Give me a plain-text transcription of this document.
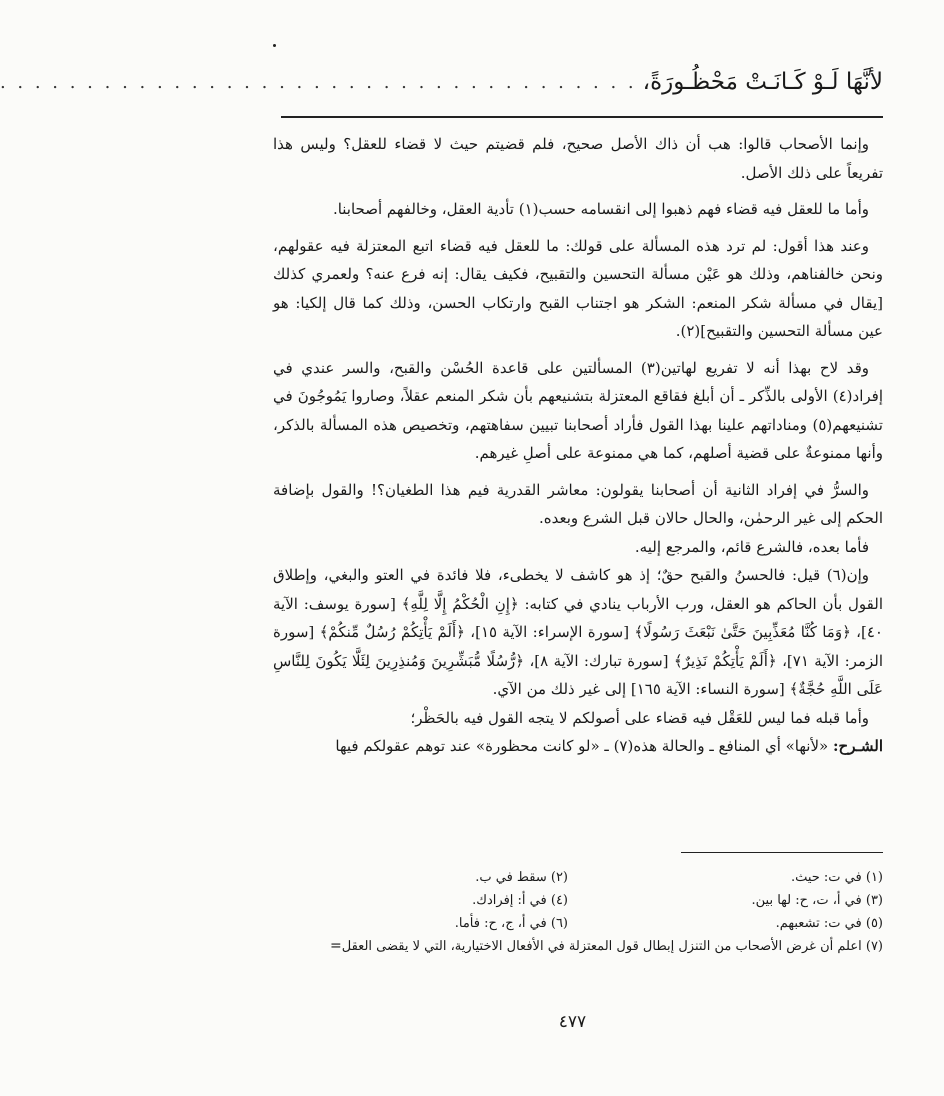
لأنَّهَا لَـوْ كَـانَـتْ مَحْظُـورَةً،
. . . . . . . . . . . . . . . . . . . . . . . . . . . . . . . . . . . . .

وإنما الأصحاب قالوا: هب أن ذاك الأصل صحيح، فلم قضيتم حيث لا قضاء للعقل؟ وليس هذا تفريعاً على ذلك الأصل.

وأما ما للعقل فيه قضاء فهم ذهبوا إلى انقسامه حسب(١) تأدية العقل، وخالفهم أصحابنا.

وعند هذا أقول: لم ترد هذه المسألة على قولك: ما للعقل فيه قضاء اتبع المعتزلة فيه عقولهم، ونحن خالفناهم، وذلك هو عَيْن مسألة التحسين والتقبيح، فكيف يقال: إنه فرع عنه؟ ولعمري كذلك [يقال في مسألة شكر المنعم: الشكر هو اجتناب القبح وارتكاب الحسن، وذلك كما قال إلكيا: هو عين مسألة التحسين والتقبيح](٢).

وقد لاح بهذا أنه لا تفريع لهاتين(٣) المسألتين على قاعدة الحُسْن والقبح، والسر عندي في إفراد(٤) الأولى بالذِّكر ـ أن أبلغ فقاقع المعتزلة بتشنيعهم بأن شكر المنعم عقلاً، وصاروا يَمُوجُونَ في تشنيعهم(٥) ومناداتهم علينا بهذا القول فأراد أصحابنا تبيين سفاهتهم، وتخصيص هذه المسألة بالذكر، وأنها ممنوعةٌ على قضية أصلهم، كما هي ممنوعة على أصلِ غيرهم.

والسرُّ في إفراد الثانية أن أصحابنا يقولون: معاشر القدرية فيم هذا الطغيان؟! والقول بإضافة الحكم إلى غير الرحمٰن، والحال حالان قبل الشرع وبعده.

فأما بعده، فالشرع قائم، والمرجع إليه.

وإن(٦) قيل: فالحسنُ والقبح حقٌ؛ إذ هو كاشف لا يخطىء، فلا فائدة في العتو والبغي، وإطلاق القول بأن الحاكم هو العقل، ورب الأرباب ينادي في كتابه: ﴿إِنِ الْحُكْمُ إِلَّا لِلَّهِ﴾ [سورة يوسف: الآية ٤٠]، ﴿وَمَا كُنَّا مُعَذِّبِينَ حَتَّىٰ نَبْعَثَ رَسُولًا﴾ [سورة الإسراء: الآية ١٥]، ﴿أَلَمْ يَأْتِكُمْ رُسُلٌ مِّنكُمْ﴾ [سورة الزمر: الآية ٧١]، ﴿أَلَمْ يَأْتِكُمْ نَذِيرٌ﴾ [سورة تبارك: الآية ٨]، ﴿رُّسُلًا مُّبَشِّرِينَ وَمُنذِرِينَ لِئَلَّا يَكُونَ لِلنَّاسِ عَلَى اللَّهِ حُجَّةٌ﴾ [سورة النساء: الآية ١٦٥] إلى غير ذلك من الآي.

وأما قبله فما ليس للعَقْل فيه قضاء على أصولكم لا يتجه القول فيه بالحَظْر؛

الشـرح: «لأنها» أي المنافع ـ والحالة هذه(٧) ـ «لو كانت محظورة» عند توهم عقولكم فيها

(١) في ت: حيث.
(٢) سقط في ب.
(٣) في أ، ت، ح: لها بين.
(٤) في أ: إفرادك.
(٥) في ت: تشعبهم.
(٦) في أ، ج، ح: فأما.
(٧) اعلم أن غرض الأصحاب من التنزل إبطال قول المعتزلة في الأفعال الاختيارية، التي لا يقضى العقل=
٤٧٧
